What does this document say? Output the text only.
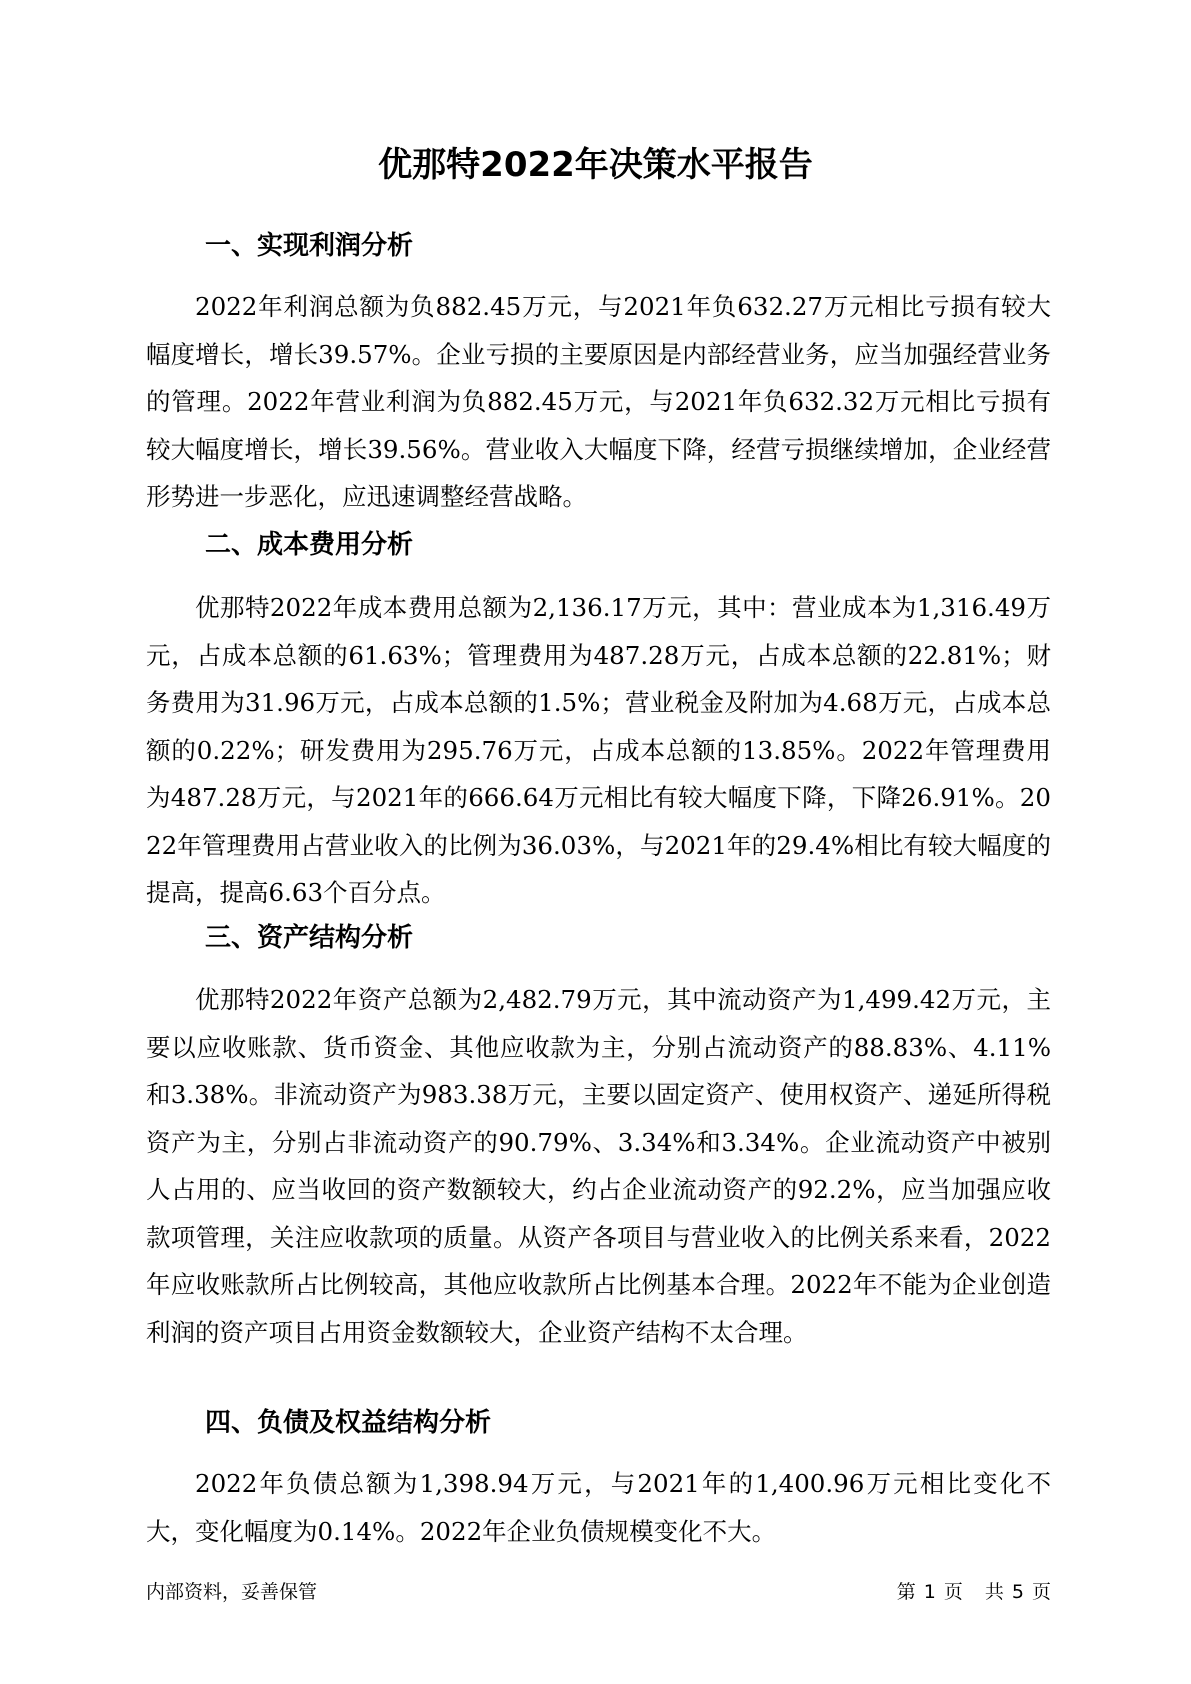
优那特2022年决策水平报告
一、实现利润分析

2022年利润总额为负882.45万元，与2021年负632.27万元相比亏损有较大幅度增长，增长39.57%。企业亏损的主要原因是内部经营业务，应当加强经营业务的管理。2022年营业利润为负882.45万元，与2021年负632.32万元相比亏损有较大幅度增长，增长39.56%。营业收入大幅度下降，经营亏损继续增加，企业经营形势进一步恶化，应迅速调整经营战略。

二、成本费用分析

优那特2022年成本费用总额为2,136.17万元，其中：营业成本为1,316.49万元，占成本总额的61.63%；管理费用为487.28万元，占成本总额的22.81%；财务费用为31.96万元，占成本总额的1.5%；营业税金及附加为4.68万元，占成本总额的0.22%；研发费用为295.76万元，占成本总额的13.85%。2022年管理费用为487.28万元，与2021年的666.64万元相比有较大幅度下降，下降26.91%。2022年管理费用占营业收入的比例为36.03%，与2021年的29.4%相比有较大幅度的提高，提高6.63个百分点。

三、资产结构分析

优那特2022年资产总额为2,482.79万元，其中流动资产为1,499.42万元，主要以应收账款、货币资金、其他应收款为主，分别占流动资产的88.83%、4.11%和3.38%。非流动资产为983.38万元，主要以固定资产、使用权资产、递延所得税资产为主，分别占非流动资产的90.79%、3.34%和3.34%。企业流动资产中被别人占用的、应当收回的资产数额较大，约占企业流动资产的92.2%，应当加强应收款项管理，关注应收款项的质量。从资产各项目与营业收入的比例关系来看，2022年应收账款所占比例较高，其他应收款所占比例基本合理。2022年不能为企业创造利润的资产项目占用资金数额较大，企业资产结构不太合理。

四、负债及权益结构分析

2022年负债总额为1,398.94万元，与2021年的1,400.96万元相比变化不大，变化幅度为0.14%。2022年企业负债规模变化不大。

内部资料，妥善保管	第 1 页 共 5 页
